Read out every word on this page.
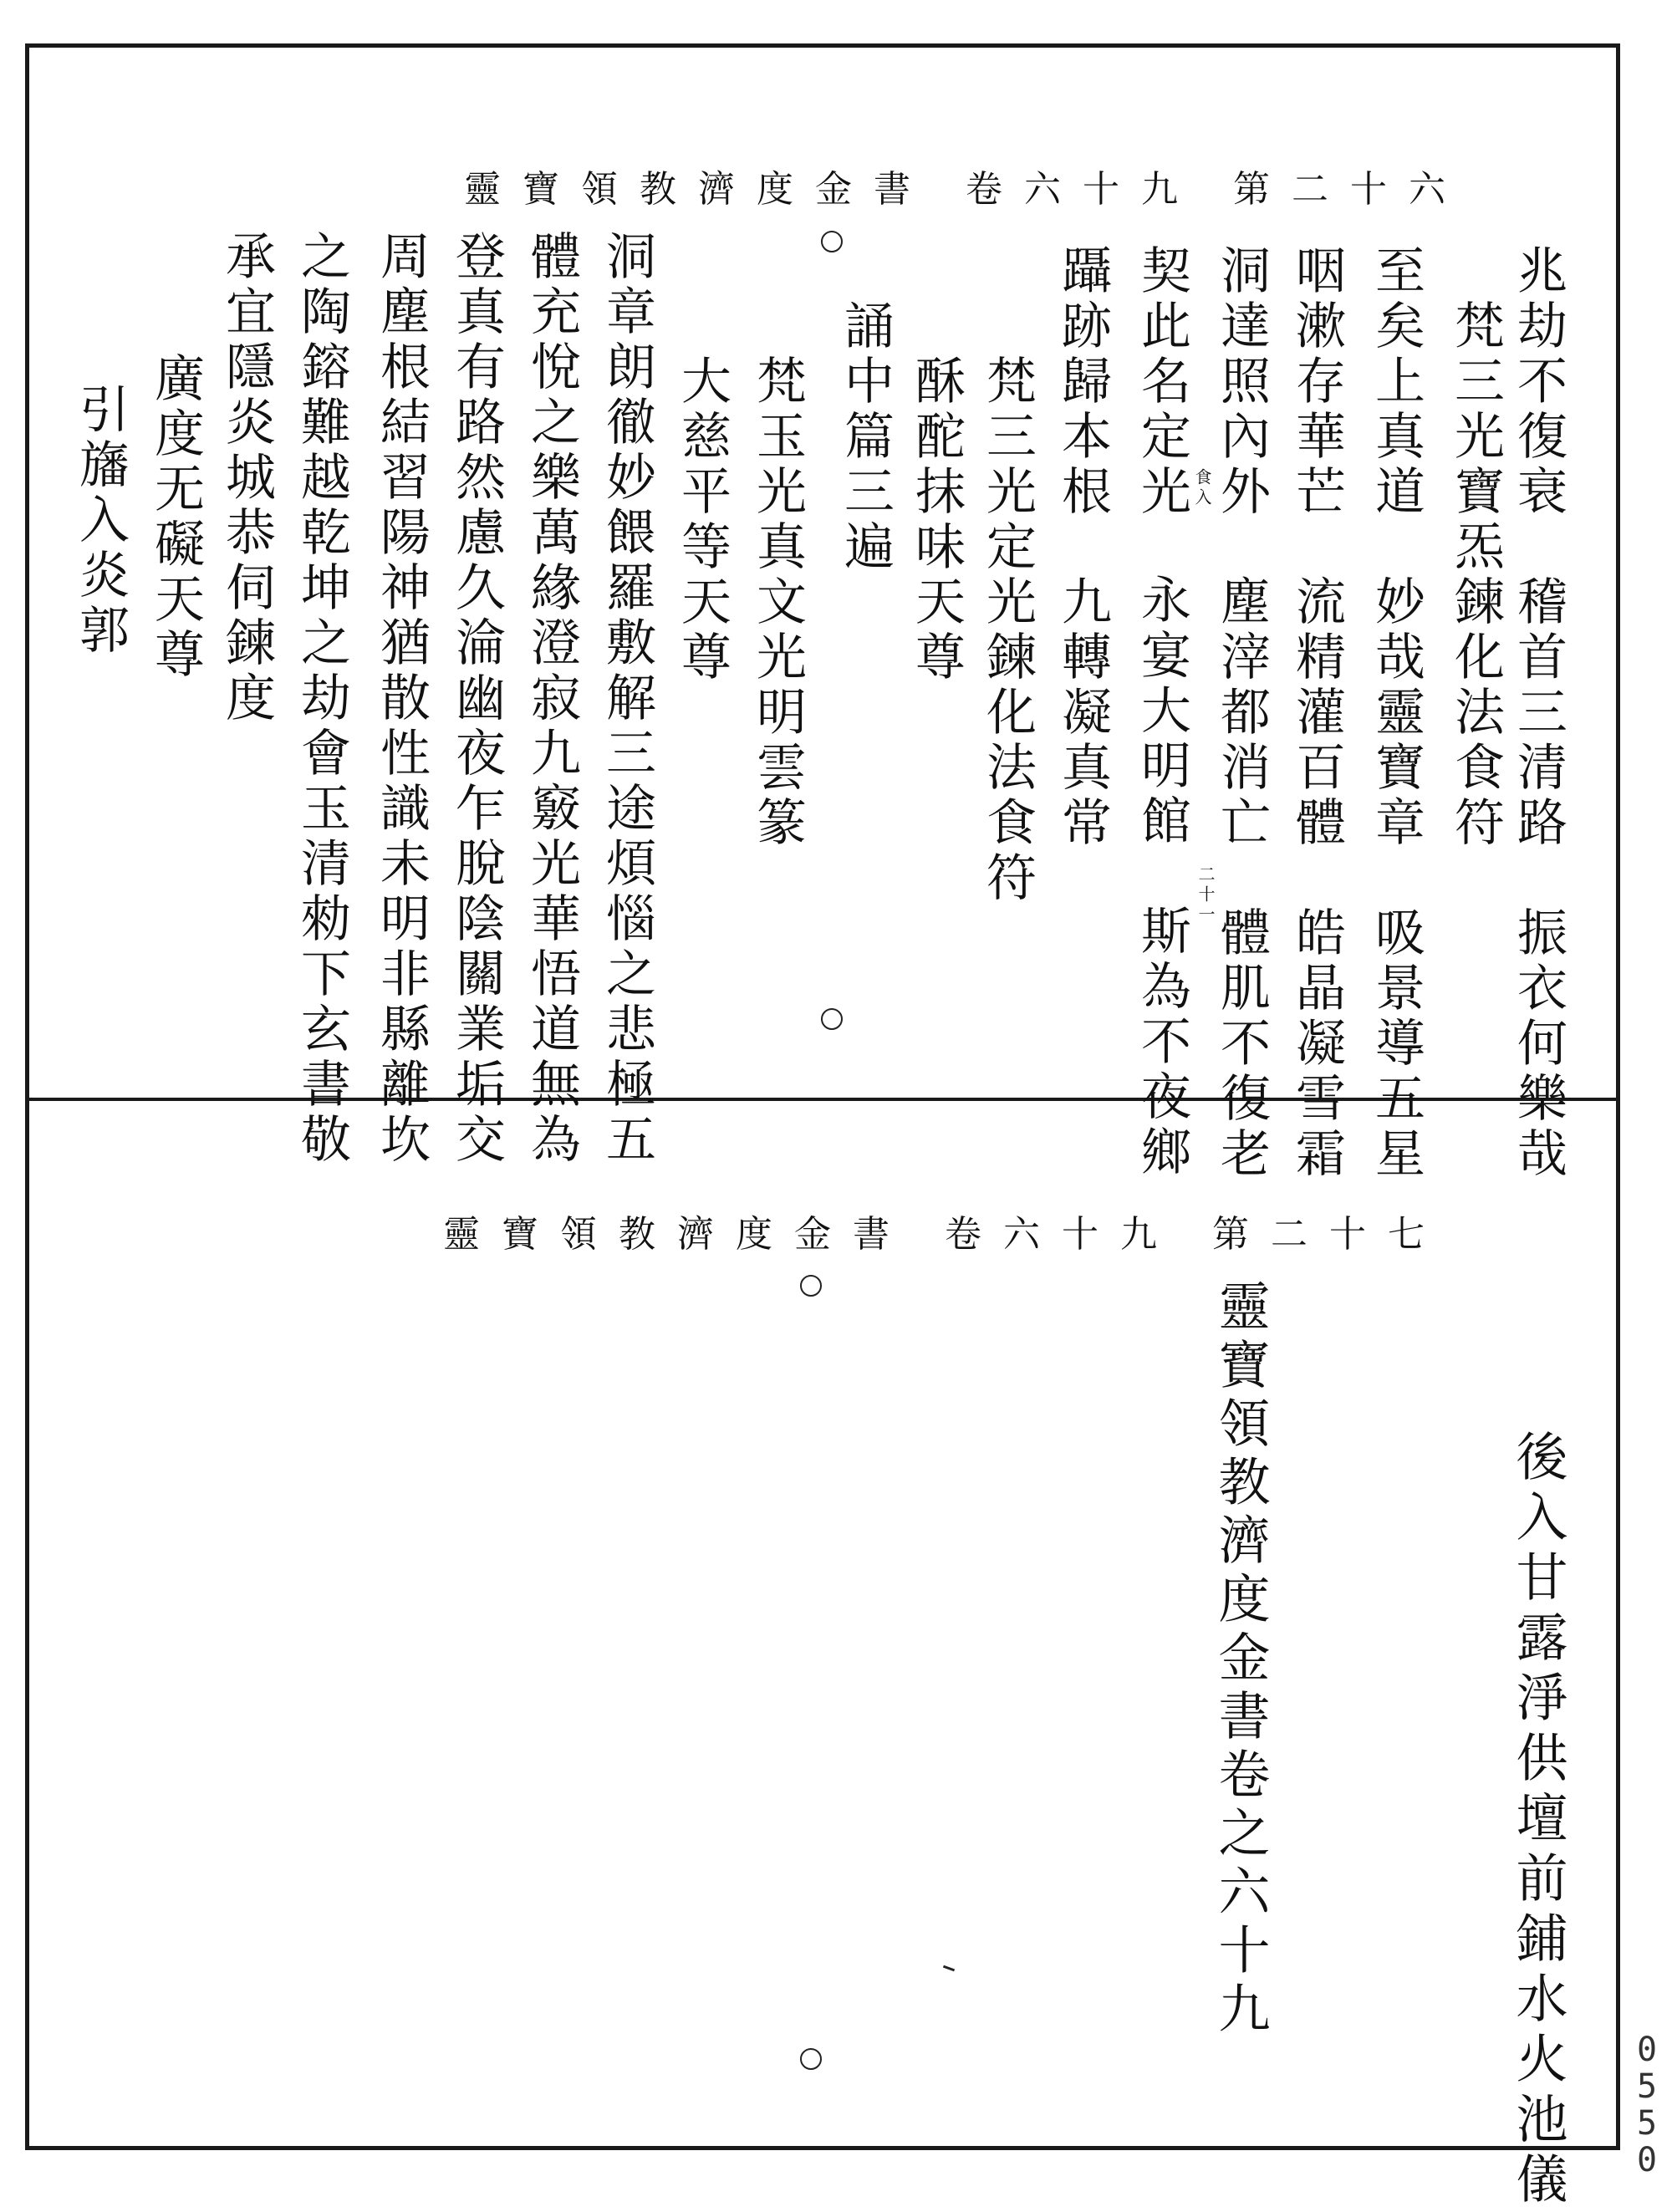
靈寶領教濟度金書 卷六十九 第二十六
兆劫不復衰　稽首三清路　振衣何樂哉
　梵三光寶炁鍊化法食符
至矣上真道　妙哉靈寶章　吸景導五星
咽漱存華芒　流精灌百體　皓晶凝雪霜
洞達照內外　塵滓都消亡　體肌不復老
食入
契此名定光
　永宴大明館　斯為不夜鄉 二十一
躡跡歸本根　九轉凝真常
　　梵三光定光鍊化法食符
　　酥酡抹味天尊
　誦中篇三遍
　　梵玉光真文光明雲篆
　　大慈平等天尊
洞章朗徹妙餵羅敷解三途煩惱之悲極五
體充悅之樂萬緣澄寂九竅光華悟道無為
登真有路然慮久淪幽夜乍脫陰關業垢交
周塵根結習陽神猶散性識未明非縣離坎
之陶鎔難越乾坤之劫會玉清勑下玄書敬
承宜隱炎城恭伺鍊度
　廣度无礙天尊
引旛入炎郭
靈寶領教濟度金書 卷六十九 第二十七
後入甘露淨供壇前鋪水火池儀
靈寶領教濟度金書卷之六十九
0
5
5
0
